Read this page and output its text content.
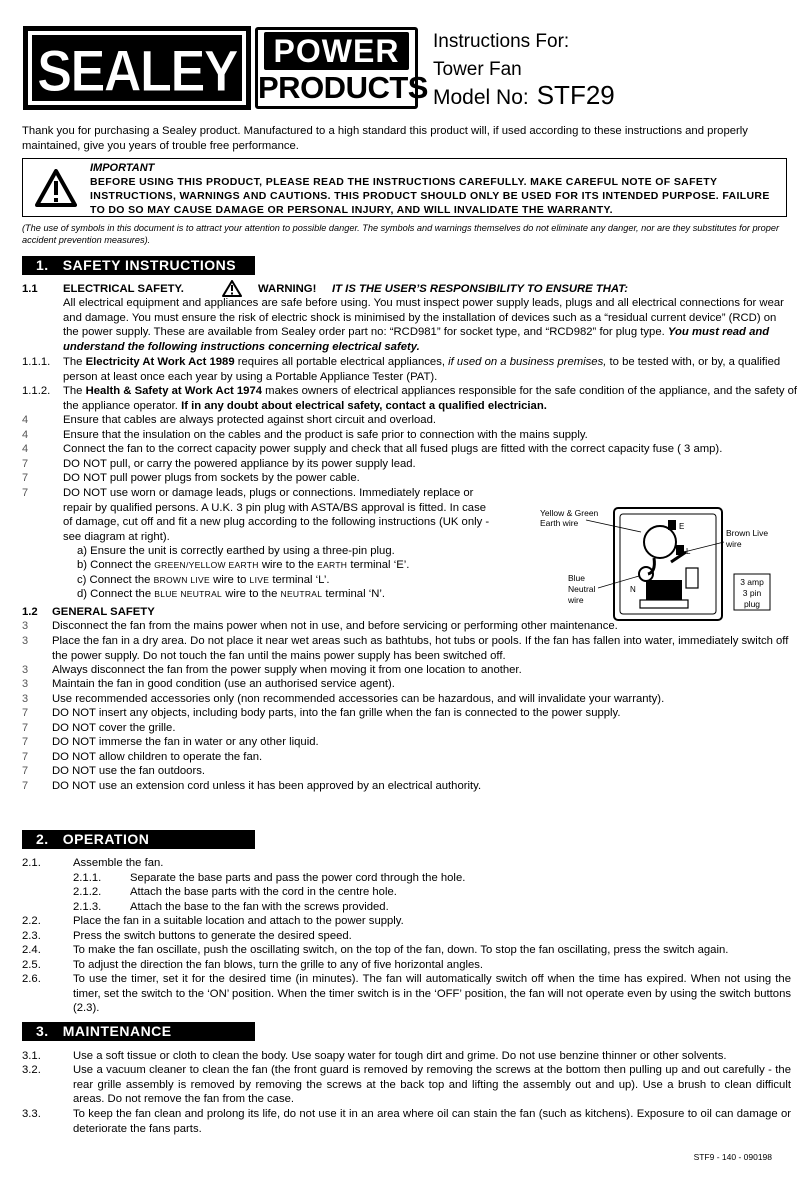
SEALEY POWER
PRODUCTS
Instructions For:
Tower Fan
Model No: STF29
Thank you for purchasing a Sealey product. Manufactured to a high standard this product will, if used according to these instructions and properly maintained, give you years of trouble free performance.
IMPORTANT
BEFORE USING THIS PRODUCT, PLEASE READ THE INSTRUCTIONS CAREFULLY. MAKE CAREFUL NOTE OF SAFETY INSTRUCTIONS, WARNINGS AND CAUTIONS. THIS PRODUCT SHOULD ONLY BE USED FOR ITS INTENDED PURPOSE. FAILURE TO DO SO MAY CAUSE DAMAGE OR PERSONAL INJURY, AND WILL INVALIDATE THE WARRANTY.
(The use of symbols in this document is to attract your attention to possible danger. The symbols and warnings themselves do not eliminate any danger, nor are they substitutes for proper accident prevention measures).
1. SAFETY INSTRUCTIONS
1.1 ELECTRICAL SAFETY.	WARNING! IT IS THE USER’S RESPONSIBILITY TO ENSURE THAT:
All electrical equipment and appliances are safe before using. You must inspect power supply leads, plugs and all electrical connections for wear and damage. You must ensure the risk of electric shock is minimised by the installation of devices such as a “residual current device” (RCD) on the power supply. These are available from Sealey order part no: “RCD981” for socket type, and “RCD982” for plug type. You must read and understand the following instructions concerning electrical safety.
1.1.1. The Electricity At Work Act 1989 requires all portable electrical appliances, if used on a business premises, to be tested with, or by, a qualified person at least once each year by using a Portable Appliance Tester (PAT).
1.1.2. The Health & Safety at Work Act 1974 makes owners of electrical appliances responsible for the safe condition of the appliance, and the safety of the appliance operator. If in any doubt about electrical safety, contact a qualified electrician.
4	Ensure that cables are always protected against short circuit and overload.
4	Ensure that the insulation on the cables and the product is safe prior to connection with the mains supply.
4	Connect the fan to the correct capacity power supply and check that all fused plugs are fitted with the correct capacity fuse ( 3 amp).
7	DO NOT pull, or carry the powered appliance by its power supply lead.
7	DO NOT pull power plugs from sockets by the power cable.
7	DO NOT use worn or damage leads, plugs or connections. Immediately replace or repair by qualified persons. A U.K. 3 pin plug with ASTA/BS approval is fitted. In case of damage, cut off and fit a new plug according to the following instructions (UK only - see diagram at right).
a) Ensure the unit is correctly earthed by using a three-pin plug.
b) Connect the GREEN/YELLOW EARTH wire to the EARTH terminal ‘E’.
c) Connect the BROWN LIVE wire to LIVE terminal ‘L’.
d) Connect the BLUE NEUTRAL wire to the NEUTRAL terminal ‘N’.
Yellow & Green
Earth wire
Brown Live
wire
Blue
Neutral
wire
E
L
N
3 amp
3 pin
plug
1.2 GENERAL SAFETY
3 Disconnect the fan from the mains power when not in use, and before servicing or performing other maintenance.
3 Place the fan in a dry area. Do not place it near wet areas such as bathtubs, hot tubs or pools. If the fan has fallen into water, immediately switch off the power supply. Do not touch the fan until the mains power supply has been switched off.
3 Always disconnect the fan from the power supply when moving it from one location to another.
3 Maintain the fan in good condition (use an authorised service agent).
3 Use recommended accessories only (non recommended accessories can be hazardous, and will invalidate your warranty).
7 DO NOT insert any objects, including body parts, into the fan grille when the fan is connected to the power supply.
7 DO NOT cover the grille.
7 DO NOT immerse the fan in water or any other liquid.
7 DO NOT allow children to operate the fan.
7 DO NOT use the fan outdoors.
7 DO NOT use an extension cord unless it has been approved by an electrical authority.
2. OPERATION
2.1.	Assemble the fan.
2.1.1.	Separate the base parts and pass the power cord through the hole.
2.1.2.	Attach the base parts with the cord in the centre hole.
2.1.3.	Attach the base to the fan with the screws provided.
2.2.	Place the fan in a suitable location and attach to the power supply.
2.3.	Press the switch buttons to generate the desired speed.
2.4.	To make the fan oscillate, push the oscillating switch, on the top of the fan, down. To stop the fan oscillating, press the switch again.
2.5.	To adjust the direction the fan blows, turn the grille to any of five horizontal angles.
2.6.	To use the timer, set it for the desired time (in minutes). The fan will automatically switch off when the time has expired. When not using the timer, set the switch to the ‘ON’ position. When the timer switch is in the ‘OFF’ position, the fan will not operate even by using the switch buttons (2.3).
3. MAINTENANCE
3.1.	Use a soft tissue or cloth to clean the body. Use soapy water for tough dirt and grime. Do not use benzine thinner or other solvents.
3.2.	Use a vacuum cleaner to clean the fan (the front guard is removed by removing the screws at the bottom then pulling up and out carefully - the rear grille assembly is removed by removing the screws at the back top and lifting the assembly out and up). Use a brush to clean difficult areas. Do not remove the fan from the case.
3.3.	To keep the fan clean and prolong its life, do not use it in an area where oil can stain the fan (such as kitchens). Exposure to oil can damage or deteriorate the fans parts.
STF9 - 140 - 090198
